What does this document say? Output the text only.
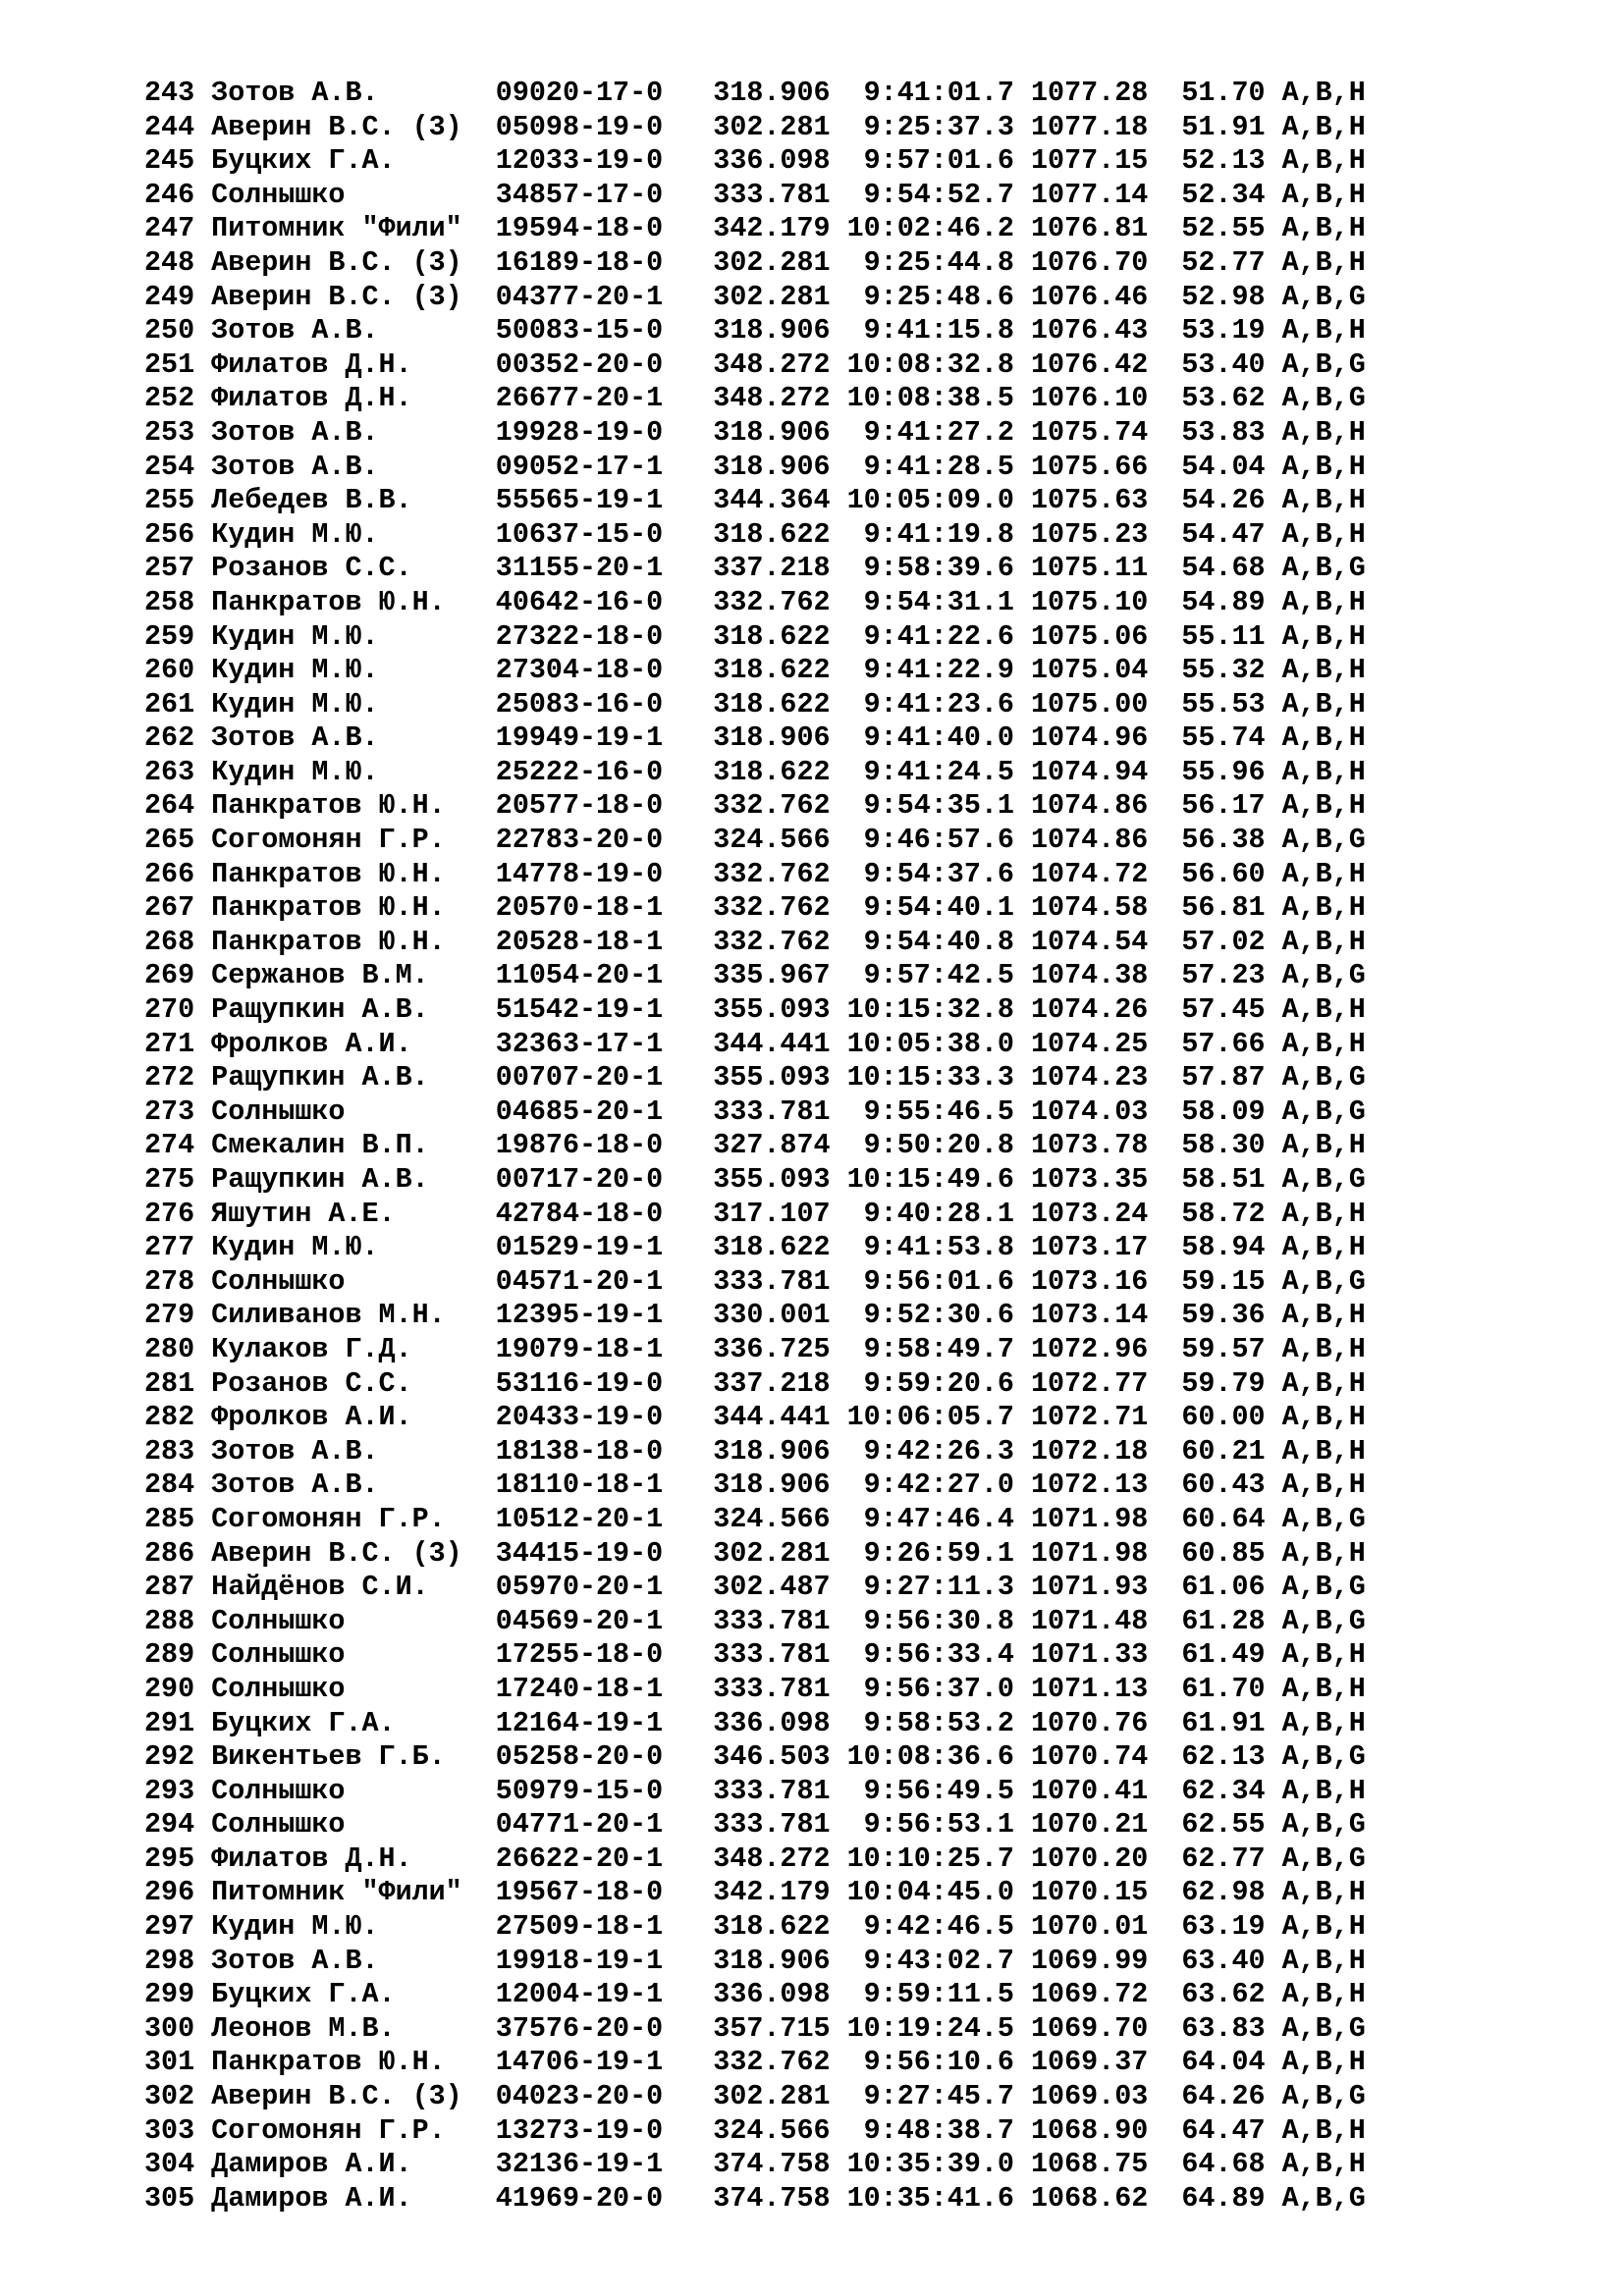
243 Зотов А.В.       09020-17-0   318.906  9:41:01.7 1077.28  51.70 A,B,H
244 Аверин В.С. (3)  05098-19-0   302.281  9:25:37.3 1077.18  51.91 A,B,H
245 Буцких Г.А.      12033-19-0   336.098  9:57:01.6 1077.15  52.13 A,B,H
246 Солнышко         34857-17-0   333.781  9:54:52.7 1077.14  52.34 A,B,H
247 Питомник "Фили"  19594-18-0   342.179 10:02:46.2 1076.81  52.55 A,B,H
248 Аверин В.С. (3)  16189-18-0   302.281  9:25:44.8 1076.70  52.77 A,B,H
249 Аверин В.С. (3)  04377-20-1   302.281  9:25:48.6 1076.46  52.98 A,B,G
250 Зотов А.В.       50083-15-0   318.906  9:41:15.8 1076.43  53.19 A,B,H
251 Филатов Д.Н.     00352-20-0   348.272 10:08:32.8 1076.42  53.40 A,B,G
252 Филатов Д.Н.     26677-20-1   348.272 10:08:38.5 1076.10  53.62 A,B,G
253 Зотов А.В.       19928-19-0   318.906  9:41:27.2 1075.74  53.83 A,B,H
254 Зотов А.В.       09052-17-1   318.906  9:41:28.5 1075.66  54.04 A,B,H
255 Лебедев В.В.     55565-19-1   344.364 10:05:09.0 1075.63  54.26 A,B,H
256 Кудин М.Ю.       10637-15-0   318.622  9:41:19.8 1075.23  54.47 A,B,H
257 Розанов С.С.     31155-20-1   337.218  9:58:39.6 1075.11  54.68 A,B,G
258 Панкратов Ю.Н.   40642-16-0   332.762  9:54:31.1 1075.10  54.89 A,B,H
259 Кудин М.Ю.       27322-18-0   318.622  9:41:22.6 1075.06  55.11 A,B,H
260 Кудин М.Ю.       27304-18-0   318.622  9:41:22.9 1075.04  55.32 A,B,H
261 Кудин М.Ю.       25083-16-0   318.622  9:41:23.6 1075.00  55.53 A,B,H
262 Зотов А.В.       19949-19-1   318.906  9:41:40.0 1074.96  55.74 A,B,H
263 Кудин М.Ю.       25222-16-0   318.622  9:41:24.5 1074.94  55.96 A,B,H
264 Панкратов Ю.Н.   20577-18-0   332.762  9:54:35.1 1074.86  56.17 A,B,H
265 Согомонян Г.Р.   22783-20-0   324.566  9:46:57.6 1074.86  56.38 A,B,G
266 Панкратов Ю.Н.   14778-19-0   332.762  9:54:37.6 1074.72  56.60 A,B,H
267 Панкратов Ю.Н.   20570-18-1   332.762  9:54:40.1 1074.58  56.81 A,B,H
268 Панкратов Ю.Н.   20528-18-1   332.762  9:54:40.8 1074.54  57.02 A,B,H
269 Сержанов В.М.    11054-20-1   335.967  9:57:42.5 1074.38  57.23 A,B,G
270 Ращупкин А.В.    51542-19-1   355.093 10:15:32.8 1074.26  57.45 A,B,H
271 Фролков А.И.     32363-17-1   344.441 10:05:38.0 1074.25  57.66 A,B,H
272 Ращупкин А.В.    00707-20-1   355.093 10:15:33.3 1074.23  57.87 A,B,G
273 Солнышко         04685-20-1   333.781  9:55:46.5 1074.03  58.09 A,B,G
274 Смекалин В.П.    19876-18-0   327.874  9:50:20.8 1073.78  58.30 A,B,H
275 Ращупкин А.В.    00717-20-0   355.093 10:15:49.6 1073.35  58.51 A,B,G
276 Яшутин А.Е.      42784-18-0   317.107  9:40:28.1 1073.24  58.72 A,B,H
277 Кудин М.Ю.       01529-19-1   318.622  9:41:53.8 1073.17  58.94 A,B,H
278 Солнышко         04571-20-1   333.781  9:56:01.6 1073.16  59.15 A,B,G
279 Силиванов М.Н.   12395-19-1   330.001  9:52:30.6 1073.14  59.36 A,B,H
280 Кулаков Г.Д.     19079-18-1   336.725  9:58:49.7 1072.96  59.57 A,B,H
281 Розанов С.С.     53116-19-0   337.218  9:59:20.6 1072.77  59.79 A,B,H
282 Фролков А.И.     20433-19-0   344.441 10:06:05.7 1072.71  60.00 A,B,H
283 Зотов А.В.       18138-18-0   318.906  9:42:26.3 1072.18  60.21 A,B,H
284 Зотов А.В.       18110-18-1   318.906  9:42:27.0 1072.13  60.43 A,B,H
285 Согомонян Г.Р.   10512-20-1   324.566  9:47:46.4 1071.98  60.64 A,B,G
286 Аверин В.С. (3)  34415-19-0   302.281  9:26:59.1 1071.98  60.85 A,B,H
287 Найдёнов С.И.    05970-20-1   302.487  9:27:11.3 1071.93  61.06 A,B,G
288 Солнышко         04569-20-1   333.781  9:56:30.8 1071.48  61.28 A,B,G
289 Солнышко         17255-18-0   333.781  9:56:33.4 1071.33  61.49 A,B,H
290 Солнышко         17240-18-1   333.781  9:56:37.0 1071.13  61.70 A,B,H
291 Буцких Г.А.      12164-19-1   336.098  9:58:53.2 1070.76  61.91 A,B,H
292 Викентьев Г.Б.   05258-20-0   346.503 10:08:36.6 1070.74  62.13 A,B,G
293 Солнышко         50979-15-0   333.781  9:56:49.5 1070.41  62.34 A,B,H
294 Солнышко         04771-20-1   333.781  9:56:53.1 1070.21  62.55 A,B,G
295 Филатов Д.Н.     26622-20-1   348.272 10:10:25.7 1070.20  62.77 A,B,G
296 Питомник "Фили"  19567-18-0   342.179 10:04:45.0 1070.15  62.98 A,B,H
297 Кудин М.Ю.       27509-18-1   318.622  9:42:46.5 1070.01  63.19 A,B,H
298 Зотов А.В.       19918-19-1   318.906  9:43:02.7 1069.99  63.40 A,B,H
299 Буцких Г.А.      12004-19-1   336.098  9:59:11.5 1069.72  63.62 A,B,H
300 Леонов М.В.      37576-20-0   357.715 10:19:24.5 1069.70  63.83 A,B,G
301 Панкратов Ю.Н.   14706-19-1   332.762  9:56:10.6 1069.37  64.04 A,B,H
302 Аверин В.С. (3)  04023-20-0   302.281  9:27:45.7 1069.03  64.26 A,B,G
303 Согомонян Г.Р.   13273-19-0   324.566  9:48:38.7 1068.90  64.47 A,B,H
304 Дамиров А.И.     32136-19-1   374.758 10:35:39.0 1068.75  64.68 A,B,H
305 Дамиров А.И.     41969-20-0   374.758 10:35:41.6 1068.62  64.89 A,B,G
